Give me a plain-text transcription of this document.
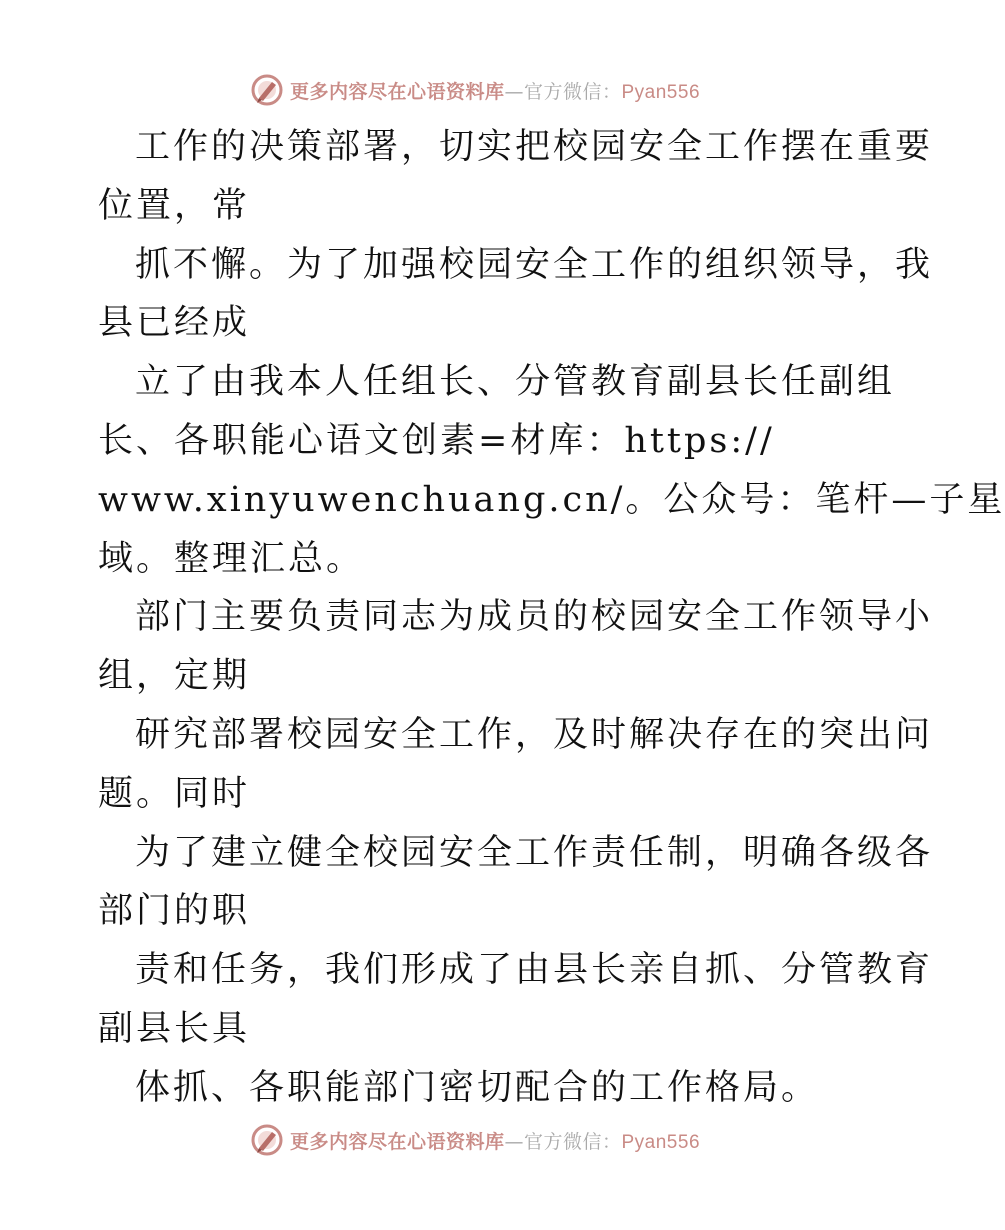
更多内容尽在心语资料库—官方微信：Pyan556
工作的决策部署，切实把校园安全工作摆在重要
位置，常
抓不懈。为了加强校园安全工作的组织领导，我
县已经成
立了由我本人任组长、分管教育副县长任副组
长、各职能心语文创素=材库：https://
www.xinyuwenchuang.cn/。公众号：笔杆—子星
域。整理汇总。
部门主要负责同志为成员的校园安全工作领导小
组，定期
研究部署校园安全工作，及时解决存在的突出问
题。同时
为了建立健全校园安全工作责任制，明确各级各
部门的职
责和任务，我们形成了由县长亲自抓、分管教育
副县长具
体抓、各职能部门密切配合的工作格局。
更多内容尽在心语资料库—官方微信：Pyan556
